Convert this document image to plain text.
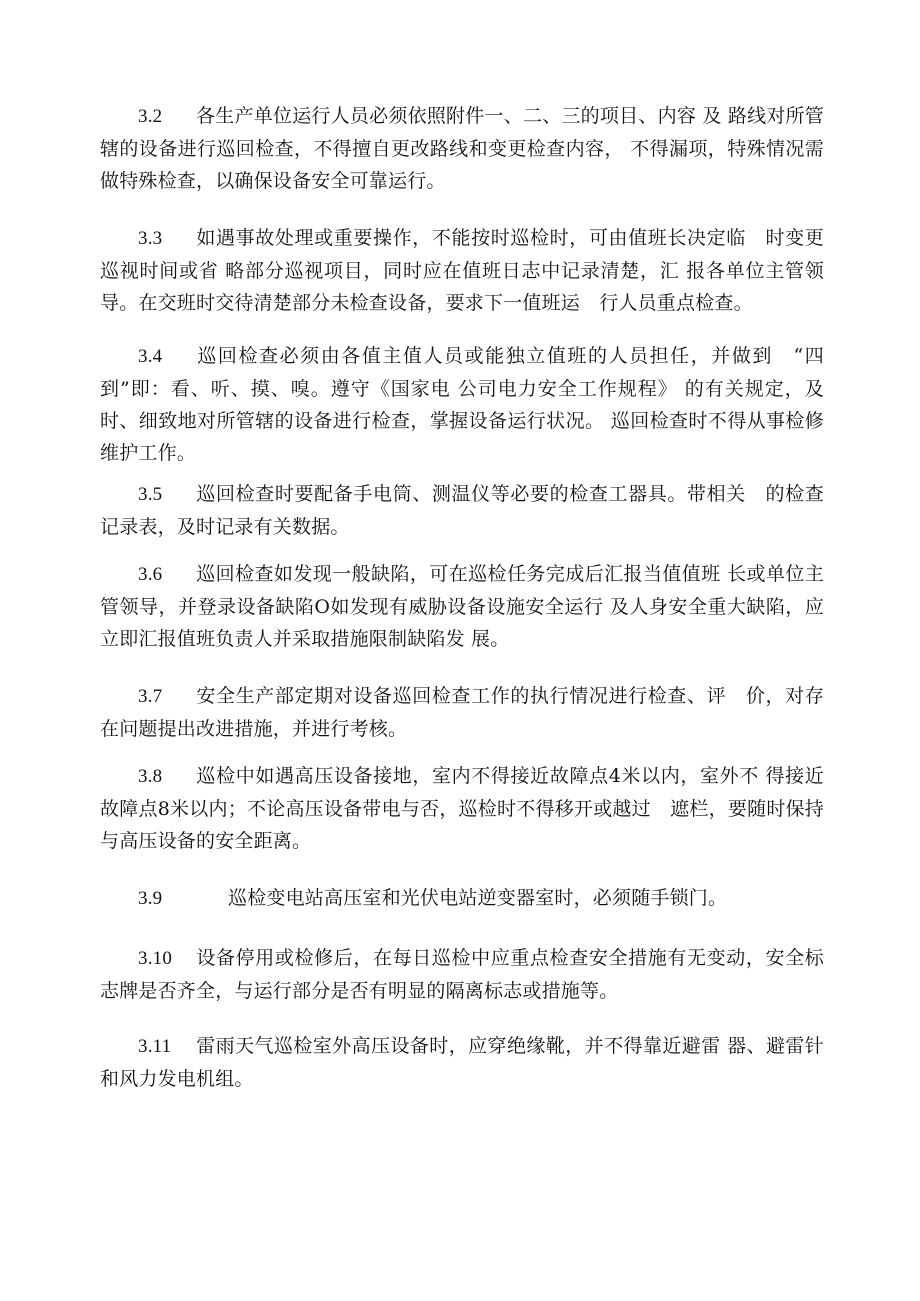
3.2 各生产单位运行人员必须依照附件一、二、三的项目、内容 及 路线对所管辖的设备进行巡回检查，不得擅自更改路线和变更检查内容， 不得漏项，特殊情况需做特殊检查，以确保设备安全可靠运行。
3.3 如遇事故处理或重要操作，不能按时巡检时，可由值班长决定临　时变更巡视时间或省 略部分巡视项目，同时应在值班日志中记录清楚，汇 报各单位主管领导。在交班时交待清楚部分未检查设备，要求下一值班运　行人员重点检查。
3.4 巡回检查必须由各值主值人员或能独立值班的人员担任，并做到　“四到”即：看、听、摸、嗅。遵守《国家电 公司电力安全工作规程》 的有关规定，及时、细致地对所管辖的设备进行检查，掌握设备运行状况。 巡回检查时不得从事检修维护工作。
3.5 巡回检查时要配备手电筒、测温仪等必要的检查工器具。带相关　的检查记录表，及时记录有关数据。
3.6 巡回检查如发现一般缺陷，可在巡检任务完成后汇报当值值班 长或单位主管领导，并登录设备缺陷O如发现有威胁设备设施安全运行 及人身安全重大缺陷，应立即汇报值班负责人并采取措施限制缺陷发 展。
3.7 安全生产部定期对设备巡回检查工作的执行情况进行检查、评　价，对存在问题提出改进措施，并进行考核。
3.8 巡检中如遇高压设备接地，室内不得接近故障点4米以内，室外不 得接近故障点8米以内；不论高压设备带电与否，巡检时不得移开或越过　遮栏，要随时保持与高压设备的安全距离。
3.9	巡检变电站高压室和光伏电站逆变器室时，必须随手锁门。
3.10 设备停用或检修后，在每日巡检中应重点检查安全措施有无变动，安全标志牌是否齐全，与运行部分是否有明显的隔离标志或措施等。
3.11 雷雨天气巡检室外高压设备时，应穿绝缘靴，并不得靠近避雷 器、避雷针和风力发电机组。
